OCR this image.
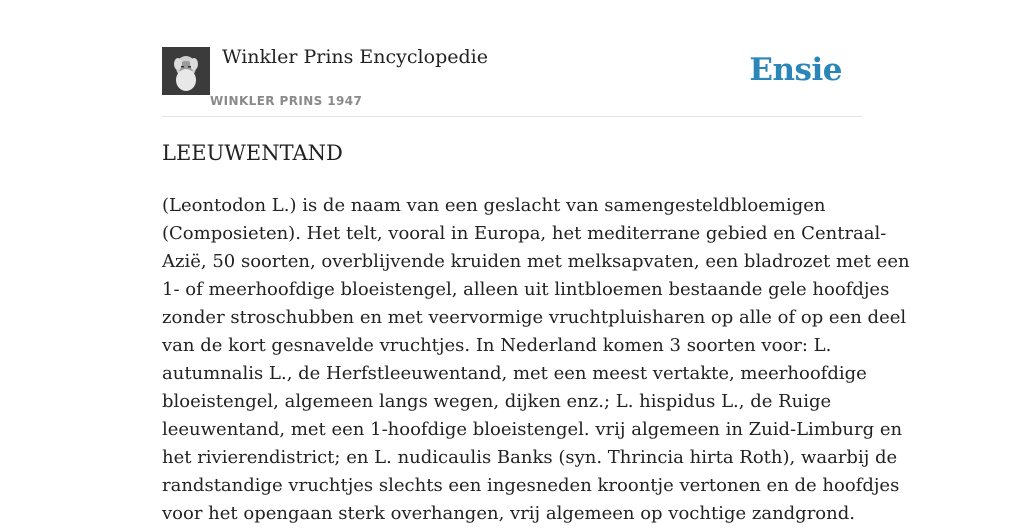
Winkler Prins Encyclopedie
WINKLER PRINS 1947
Ensie
LEEUWENTAND
(Leontodon L.) is de naam van een geslacht van samengesteldbloemigen
(Composieten). Het telt, vooral in Europa, het mediterrane gebied en Centraal-
Azië, 50 soorten, overblijvende kruiden met melksapvaten, een bladrozet met een
1- of meerhoofdige bloeistengel, alleen uit lintbloemen bestaande gele hoofdjes
zonder stroschubben en met veervormige vruchtpluisharen op alle of op een deel
van de kort gesnavelde vruchtjes. In Nederland komen 3 soorten voor: L.
autumnalis L., de Herfstleeuwentand, met een meest vertakte, meerhoofdige
bloeistengel, algemeen langs wegen, dijken enz.; L. hispidus L., de Ruige
leeuwentand, met een 1-hoofdige bloeistengel. vrij algemeen in Zuid-Limburg en
het rivierendistrict; en L. nudicaulis Banks (syn. Thrincia hirta Roth), waarbij de
randstandige vruchtjes slechts een ingesneden kroontje vertonen en de hoofdjes
voor het opengaan sterk overhangen, vrij algemeen op vochtige zandgrond.
